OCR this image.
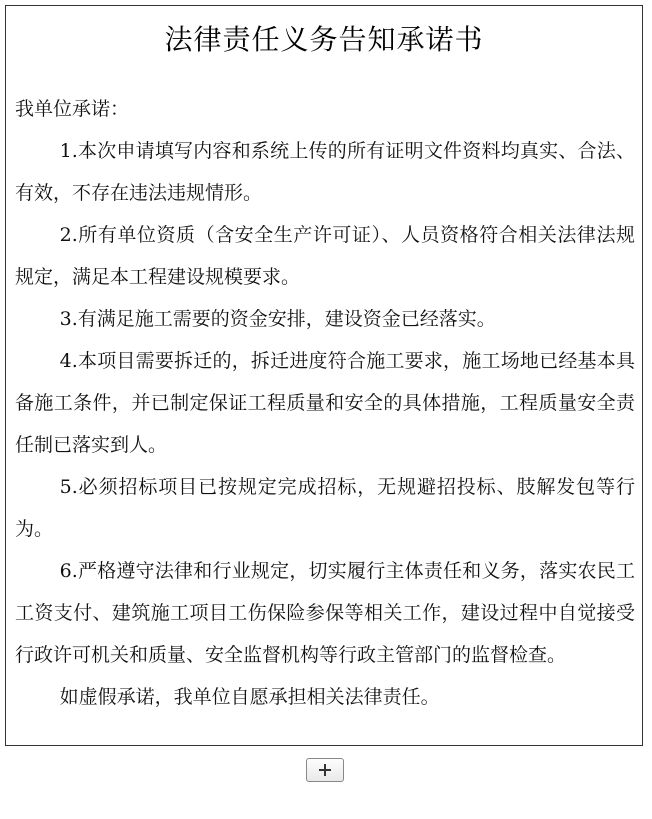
法律责任义务告知承诺书

我单位承诺：

1.本次申请填写内容和系统上传的所有证明文件资料均真实、合法、有效，不存在违法违规情形。

2.所有单位资质（含安全生产许可证）、人员资格符合相关法律法规规定，满足本工程建设规模要求。

3.有满足施工需要的资金安排，建设资金已经落实。

4.本项目需要拆迁的，拆迁进度符合施工要求，施工场地已经基本具备施工条件，并已制定保证工程质量和安全的具体措施，工程质量安全责任制已落实到人。

5.必须招标项目已按规定完成招标，无规避招投标、肢解发包等行为。

6.严格遵守法律和行业规定，切实履行主体责任和义务，落实农民工工资支付、建筑施工项目工伤保险参保等相关工作，建设过程中自觉接受行政许可机关和质量、安全监督机构等行政主管部门的监督检查。

如虚假承诺，我单位自愿承担相关法律责任。
